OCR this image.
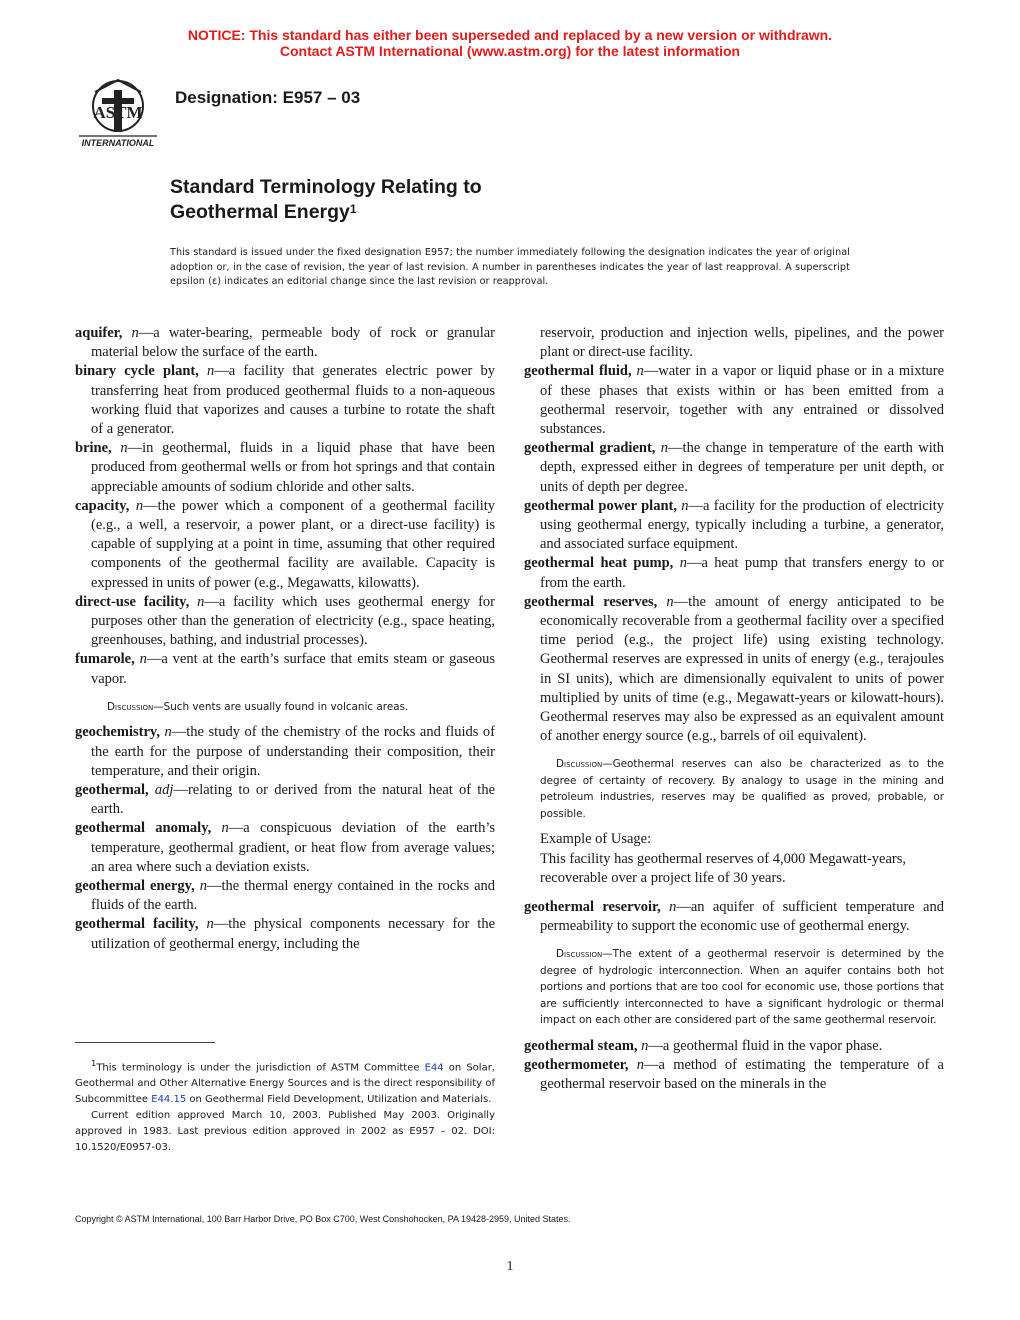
NOTICE: This standard has either been superseded and replaced by a new version or withdrawn.
Contact ASTM International (www.astm.org) for the latest information
ASTM
INTERNATIONAL
Designation: E957 – 03
Standard Terminology Relating to
Geothermal Energy$^1$
This standard is issued under the fixed designation E957; the number immediately following the designation indicates the year of original adoption or, in the case of revision, the year of last revision. A number in parentheses indicates the year of last reapproval. A superscript epsilon (ε) indicates an editorial change since the last revision or reapproval.

aquifer, n—a water-bearing, permeable body of rock or granular material below the surface of the earth.

binary cycle plant, n—a facility that generates electric power by transferring heat from produced geothermal fluids to a non-aqueous working fluid that vaporizes and causes a turbine to rotate the shaft of a generator.

brine, n—in geothermal, fluids in a liquid phase that have been produced from geothermal wells or from hot springs and that contain appreciable amounts of sodium chloride and other salts.

capacity, n—the power which a component of a geothermal facility (e.g., a well, a reservoir, a power plant, or a direct-use facility) is capable of supplying at a point in time, assuming that other required components of the geothermal facility are available. Capacity is expressed in units of power (e.g., Megawatts, kilowatts).

direct-use facility, n—a facility which uses geothermal energy for purposes other than the generation of electricity (e.g., space heating, greenhouses, bathing, and industrial processes).

fumarole, n—a vent at the earth’s surface that emits steam or gaseous vapor.

Discussion—Such vents are usually found in volcanic areas.

geochemistry, n—the study of the chemistry of the rocks and fluids of the earth for the purpose of understanding their composition, their temperature, and their origin.

geothermal, adj—relating to or derived from the natural heat of the earth.

geothermal anomaly, n—a conspicuous deviation of the earth’s temperature, geothermal gradient, or heat flow from average values; an area where such a deviation exists.

geothermal energy, n—the thermal energy contained in the rocks and fluids of the earth.

geothermal facility, n—the physical components necessary for the utilization of geothermal energy, including the

reservoir, production and injection wells, pipelines, and the power plant or direct-use facility.

geothermal fluid, n—water in a vapor or liquid phase or in a mixture of these phases that exists within or has been emitted from a geothermal reservoir, together with any entrained or dissolved substances.

geothermal gradient, n—the change in temperature of the earth with depth, expressed either in degrees of temperature per unit depth, or units of depth per degree.

geothermal power plant, n—a facility for the production of electricity using geothermal energy, typically including a turbine, a generator, and associated surface equipment.

geothermal heat pump, n—a heat pump that transfers energy to or from the earth.

geothermal reserves, n—the amount of energy anticipated to be economically recoverable from a geothermal facility over a specified time period (e.g., the project life) using existing technology. Geothermal reserves are expressed in units of energy (e.g., terajoules in SI units), which are dimensionally equivalent to units of power multiplied by units of time (e.g., Megawatt-years or kilowatt-hours). Geothermal reserves may also be expressed as an equivalent amount of another energy source (e.g., barrels of oil equivalent).

Discussion—Geothermal reserves can also be characterized as to the degree of certainty of recovery. By analogy to usage in the mining and petroleum industries, reserves may be qualified as proved, probable, or possible.

Example of Usage:

This facility has geothermal reserves of 4,000 Megawatt-years, recoverable over a project life of 30 years.

geothermal reservoir, n—an aquifer of sufficient temperature and permeability to support the economic use of geothermal energy.

Discussion—The extent of a geothermal reservoir is determined by the degree of hydrologic interconnection. When an aquifer contains both hot portions and portions that are too cool for economic use, those portions that are sufficiently interconnected to have a significant hydrologic or thermal impact on each other are considered part of the same geothermal reservoir.

geothermal steam, n—a geothermal fluid in the vapor phase.

geothermometer, n—a method of estimating the temperature of a geothermal reservoir based on the minerals in the

$^1$This terminology is under the jurisdiction of ASTM Committee E44 on Solar, Geothermal and Other Alternative Energy Sources and is the direct responsibility of Subcommittee E44.15 on Geothermal Field Development, Utilization and Materials.

Current edition approved March 10, 2003. Published May 2003. Originally approved in 1983. Last previous edition approved in 2002 as E957 – 02. DOI: 10.1520/E0957-03.

Copyright © ASTM International, 100 Barr Harbor Drive, PO Box C700, West Conshohocken, PA 19428-2959, United States.
1
